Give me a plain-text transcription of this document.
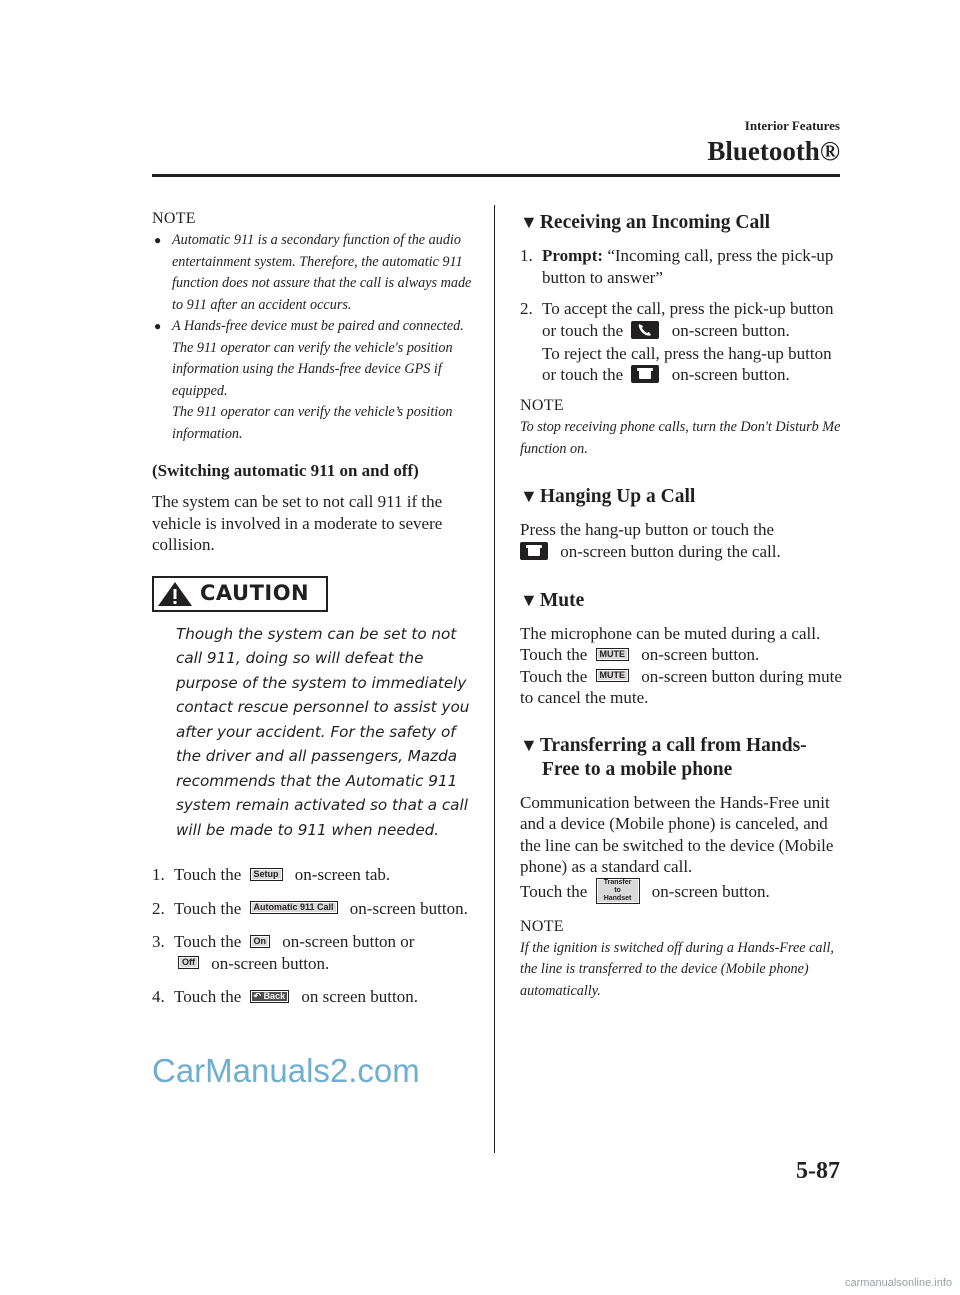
Interior Features
Bluetooth®
NOTE
● Automatic 911 is a secondary function of the audio entertainment system. Therefore, the automatic 911 function does not assure that the call is always made to 911 after an accident occurs.
● A Hands-free device must be paired and connected. The 911 operator can verify the vehicle's position information using the Hands-free device GPS if equipped.
The 911 operator can verify the vehicle’s position information.
(Switching automatic 911 on and off)

The system can be set to not call 911 if the vehicle is involved in a moderate to severe collision.

CAUTION
Though the system can be set to not call 911, doing so will defeat the purpose of the system to immediately contact rescue personnel to assist you after your accident. For the safety of the driver and all passengers, Mazda recommends that the Automatic 911 system remain activated so that a call will be made to 911 when needed.
1. Touch the Setup on-screen tab.
2. Touch the Automatic 911 Call on-screen button.
3. Touch the On on-screen button or
Off on-screen button.
4. Touch the ↶ Back on screen button.
▼ Receiving an Incoming Call
1. Prompt: “Incoming call, press the pick-up button to answer”
2. To accept the call, press the pick-up button or touch the	on-screen button.
To reject the call, press the hang-up button or touch the	on-screen button.
NOTE

To stop receiving phone calls, turn the Don't Disturb Me function on.

▼ Hanging Up a Call

Press the hang-up button or touch the

on-screen button during the call.

▼ Mute

The microphone can be muted during a call.

Touch the MUTE on-screen button.

Touch the MUTE on-screen button during mute to cancel the mute.

▼ Transferring a call from Hands-Free to a mobile phone

Communication between the Hands-Free unit and a device (Mobile phone) is canceled, and the line can be switched to the device (Mobile phone) as a standard call.

Touch the Transfer to Handset on-screen button.

NOTE

If the ignition is switched off during a Hands-Free call, the line is transferred to the device (Mobile phone) automatically.

CarManuals2.com
5-87
carmanualsonline.info
